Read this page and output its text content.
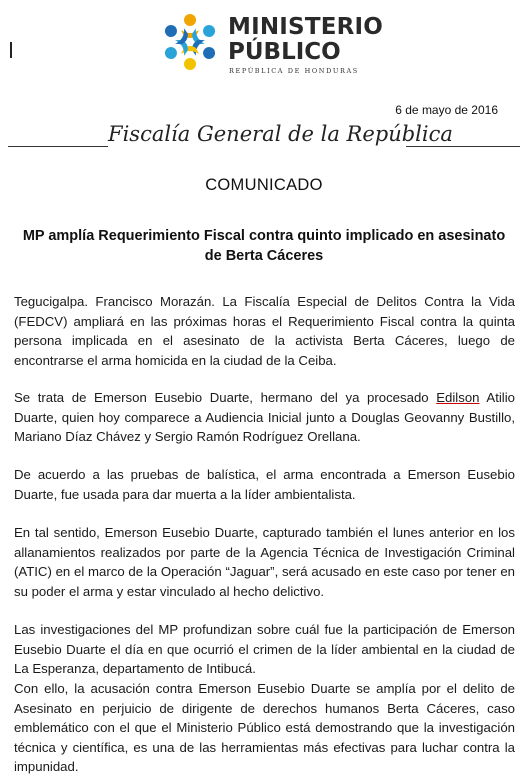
MINISTERIO
PÚBLICO
REPÚBLICA DE HONDURAS
6 de mayo de 2016
Fiscalía General de la República
COMUNICADO
MP amplía Requerimiento Fiscal contra quinto implicado en asesinato de Berta Cáceres

Tegucigalpa. Francisco Morazán. La Fiscalía Especial de Delitos Contra la Vida (FEDCV) ampliará en las próximas horas el Requerimiento Fiscal contra la quinta persona implicada en el asesinato de la activista Berta Cáceres, luego de encontrarse el arma homicida en la ciudad de la Ceiba.

Se trata de Emerson Eusebio Duarte, hermano del ya procesado Edilson Atilio Duarte, quien hoy comparece a Audiencia Inicial junto a Douglas Geovanny Bustillo, Mariano Díaz Chávez y Sergio Ramón Rodríguez Orellana.

De acuerdo a las pruebas de balística, el arma encontrada a Emerson Eusebio Duarte, fue usada para dar muerta a la líder ambientalista.

En tal sentido, Emerson Eusebio Duarte, capturado también el lunes anterior en los allanamientos realizados por parte de la Agencia Técnica de Investigación Criminal (ATIC) en el marco de la Operación “Jaguar”, será acusado en este caso por tener en su poder el arma y estar vinculado al hecho delictivo.

Las investigaciones del MP profundizan sobre cuál fue la participación de Emerson Eusebio Duarte el día en que ocurrió el crimen de la líder ambiental en la ciudad de La Esperanza, departamento de Intibucá.

Con ello, la acusación contra Emerson Eusebio Duarte se amplía por el delito de Asesinato en perjuicio de dirigente de derechos humanos Berta Cáceres, caso emblemático con el que el Ministerio Público está demostrando que la investigación técnica y científica, es una de las herramientas más efectivas para luchar contra la impunidad.
